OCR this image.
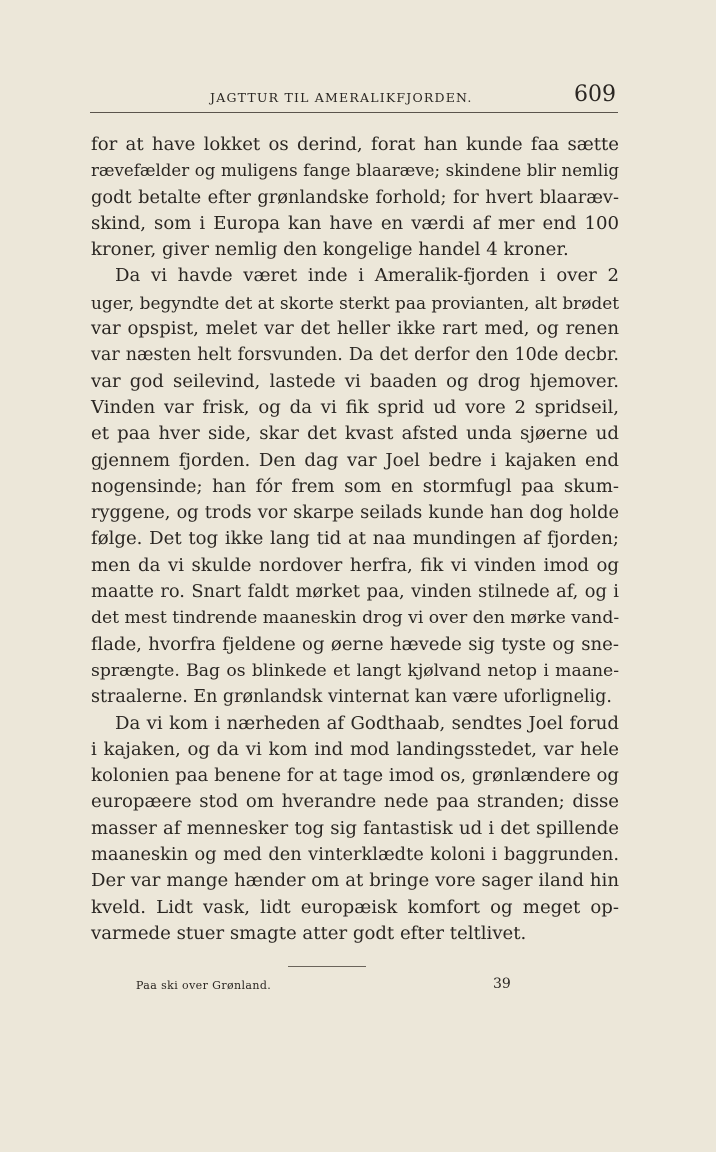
JAGTTUR TIL AMERALIKFJORDEN.	609
for at have lokket os derind, forat han kunde faa sætte
rævefælder og muligens fange blaaræve; skindene blir nemlig
godt betalte efter grønlandske forhold; for hvert blaaræv-
skind, som i Europa kan have en værdi af mer end 100
kroner, giver nemlig den kongelige handel 4 kroner.
Da vi havde været inde i Ameralik-fjorden i over 2
uger, begyndte det at skorte sterkt paa provianten, alt brødet
var opspist, melet var det heller ikke rart med, og renen
var næsten helt forsvunden. Da det derfor den 10de decbr.
var god seilevind, lastede vi baaden og drog hjemover.
Vinden var frisk, og da vi fik sprid ud vore 2 spridseil,
et paa hver side, skar det kvast afsted unda sjøerne ud
gjennem fjorden. Den dag var Joel bedre i kajaken end
nogensinde; han fór frem som en stormfugl paa skum-
ryggene, og trods vor skarpe seilads kunde han dog holde
følge. Det tog ikke lang tid at naa mundingen af fjorden;
men da vi skulde nordover herfra, fik vi vinden imod og
maatte ro. Snart faldt mørket paa, vinden stilnede af, og i
det mest tindrende maaneskin drog vi over den mørke vand-
flade, hvorfra fjeldene og øerne hævede sig tyste og sne-
sprængte. Bag os blinkede et langt kjølvand netop i maane-
straalerne. En grønlandsk vinternat kan være uforlignelig.
Da vi kom i nærheden af Godthaab, sendtes Joel forud
i kajaken, og da vi kom ind mod landingsstedet, var hele
kolonien paa benene for at tage imod os, grønlændere og
europæere stod om hverandre nede paa stranden; disse
masser af mennesker tog sig fantastisk ud i det spillende
maaneskin og med den vinterklædte koloni i baggrunden.
Der var mange hænder om at bringe vore sager iland hin
kveld. Lidt vask, lidt europæisk komfort og meget op-
varmede stuer smagte atter godt efter teltlivet.
Paa ski over Grønland.	39
